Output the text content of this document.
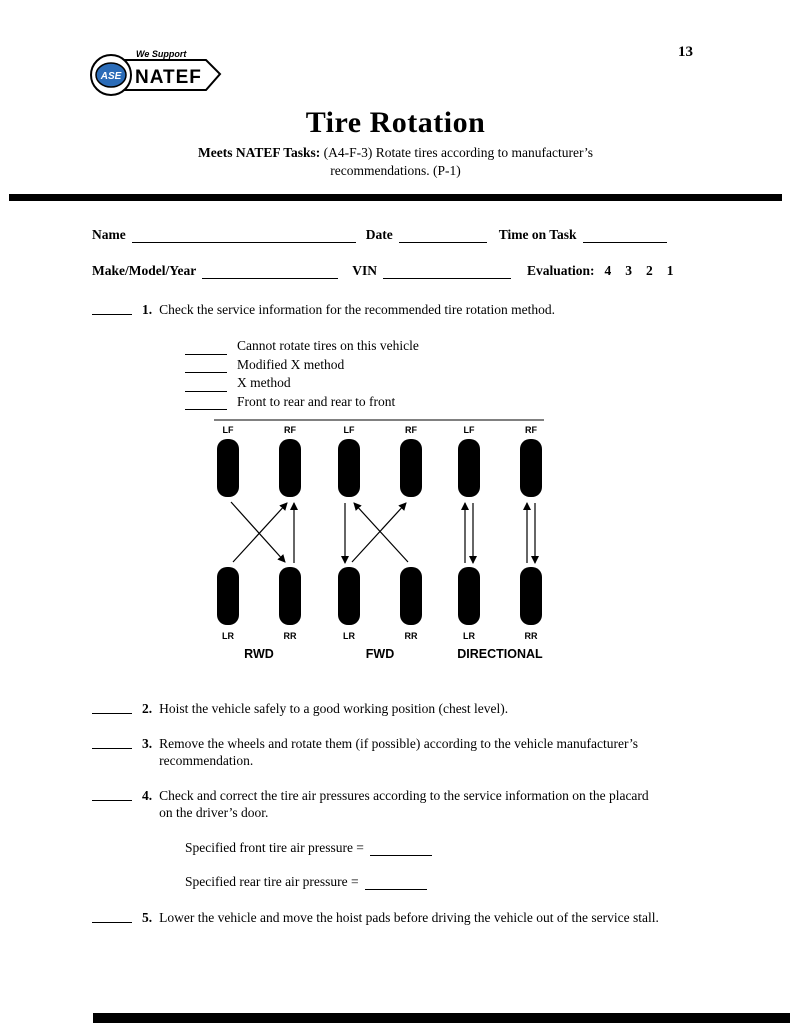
13
ASE
We Support
NATEF
Tire Rotation
Meets NATEF Tasks: (A4-F-3) Rotate tires according to manufacturer’s
recommendations. (P-1)
Name	Date	Time on Task
Make/Model/Year	VIN	Evaluation: 4 3 2 1
1. Check the service information for the recommended tire rotation method.
Cannot rotate tires on this vehicle
Modified X method
X method
Front to rear and rear to front
LF	RF
LR	RR
RWD
LF	RF
LR	RR
FWD
LF	RF
LR	RR
DIRECTIONAL
2. Hoist the vehicle safely to a good working position (chest level).
3. Remove the wheels and rotate them (if possible) according to the vehicle manufacturer’s recommendation.
4. Check and correct the tire air pressures according to the service information on the placard on the driver’s door.
Specified front tire air pressure =
Specified rear tire air pressure =
5. Lower the vehicle and move the hoist pads before driving the vehicle out of the service stall.
